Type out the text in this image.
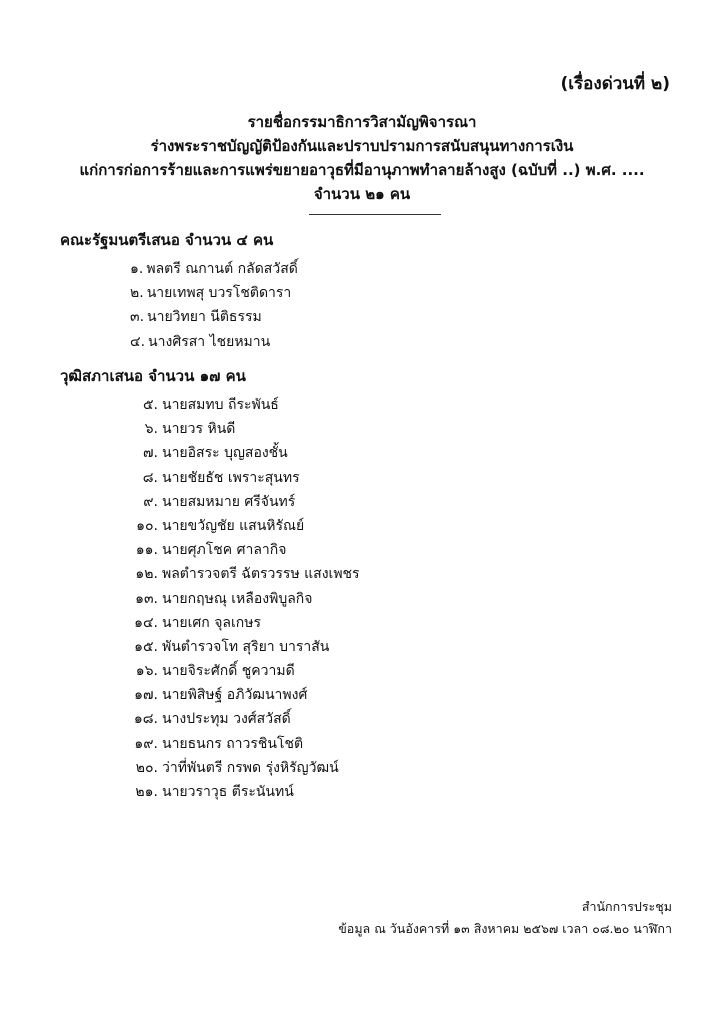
(เรื่องด่วนที่ ๒)
รายชื่อกรรมาธิการวิสามัญพิจารณา
ร่างพระราชบัญญัติป้องกันและปราบปรามการสนับสนุนทางการเงิน
แก่การก่อการร้ายและการแพร่ขยายอาวุธที่มีอานุภาพทำลายล้างสูง (ฉบับที่ ..) พ.ศ. ....
จำนวน ๒๑ คน
คณะรัฐมนตรีเสนอ จำนวน ๔ คน
๑. พลตรี ณกานต์ กลัดสวัสดิ์
๒. นายเทพสุ บวรโชติดารา
๓. นายวิทยา นีติธรรม
๔. นางศิรสา ไชยหมาน
วุฒิสภาเสนอ จำนวน ๑๗ คน
๕. นายสมทบ ถีระพันธ์
๖. นายวร หินดี
๗. นายอิสระ บุญสองชั้น
๘. นายชัยธัช เพราะสุนทร
๙. นายสมหมาย ศรีจันทร์
๑๐. นายขวัญชัย แสนหิรัณย์
๑๑. นายศุภโชค ศาลากิจ
๑๒. พลตำรวจตรี ฉัตรวรรษ แสงเพชร
๑๓. นายกฤษณุ เหลืองพิบูลกิจ
๑๔. นายเศก จุลเกษร
๑๕. พันตำรวจโท สุริยา บาราสัน
๑๖. นายจิระศักดิ์ ชูความดี
๑๗. นายพิสิษฐ์ อภิวัฒนาพงศ์
๑๘. นางประทุม วงศ์สวัสดิ์
๑๙. นายธนกร ถาวรชินโชติ
๒๐. ว่าที่พันตรี กรพด รุ่งหิรัญวัฒน์
๒๑. นายวราวุธ ตีระนันทน์
สำนักการประชุม
ข้อมูล ณ วันอังคารที่ ๑๓ สิงหาคม ๒๕๖๗ เวลา ๐๘.๒๐ นาฬิกา
